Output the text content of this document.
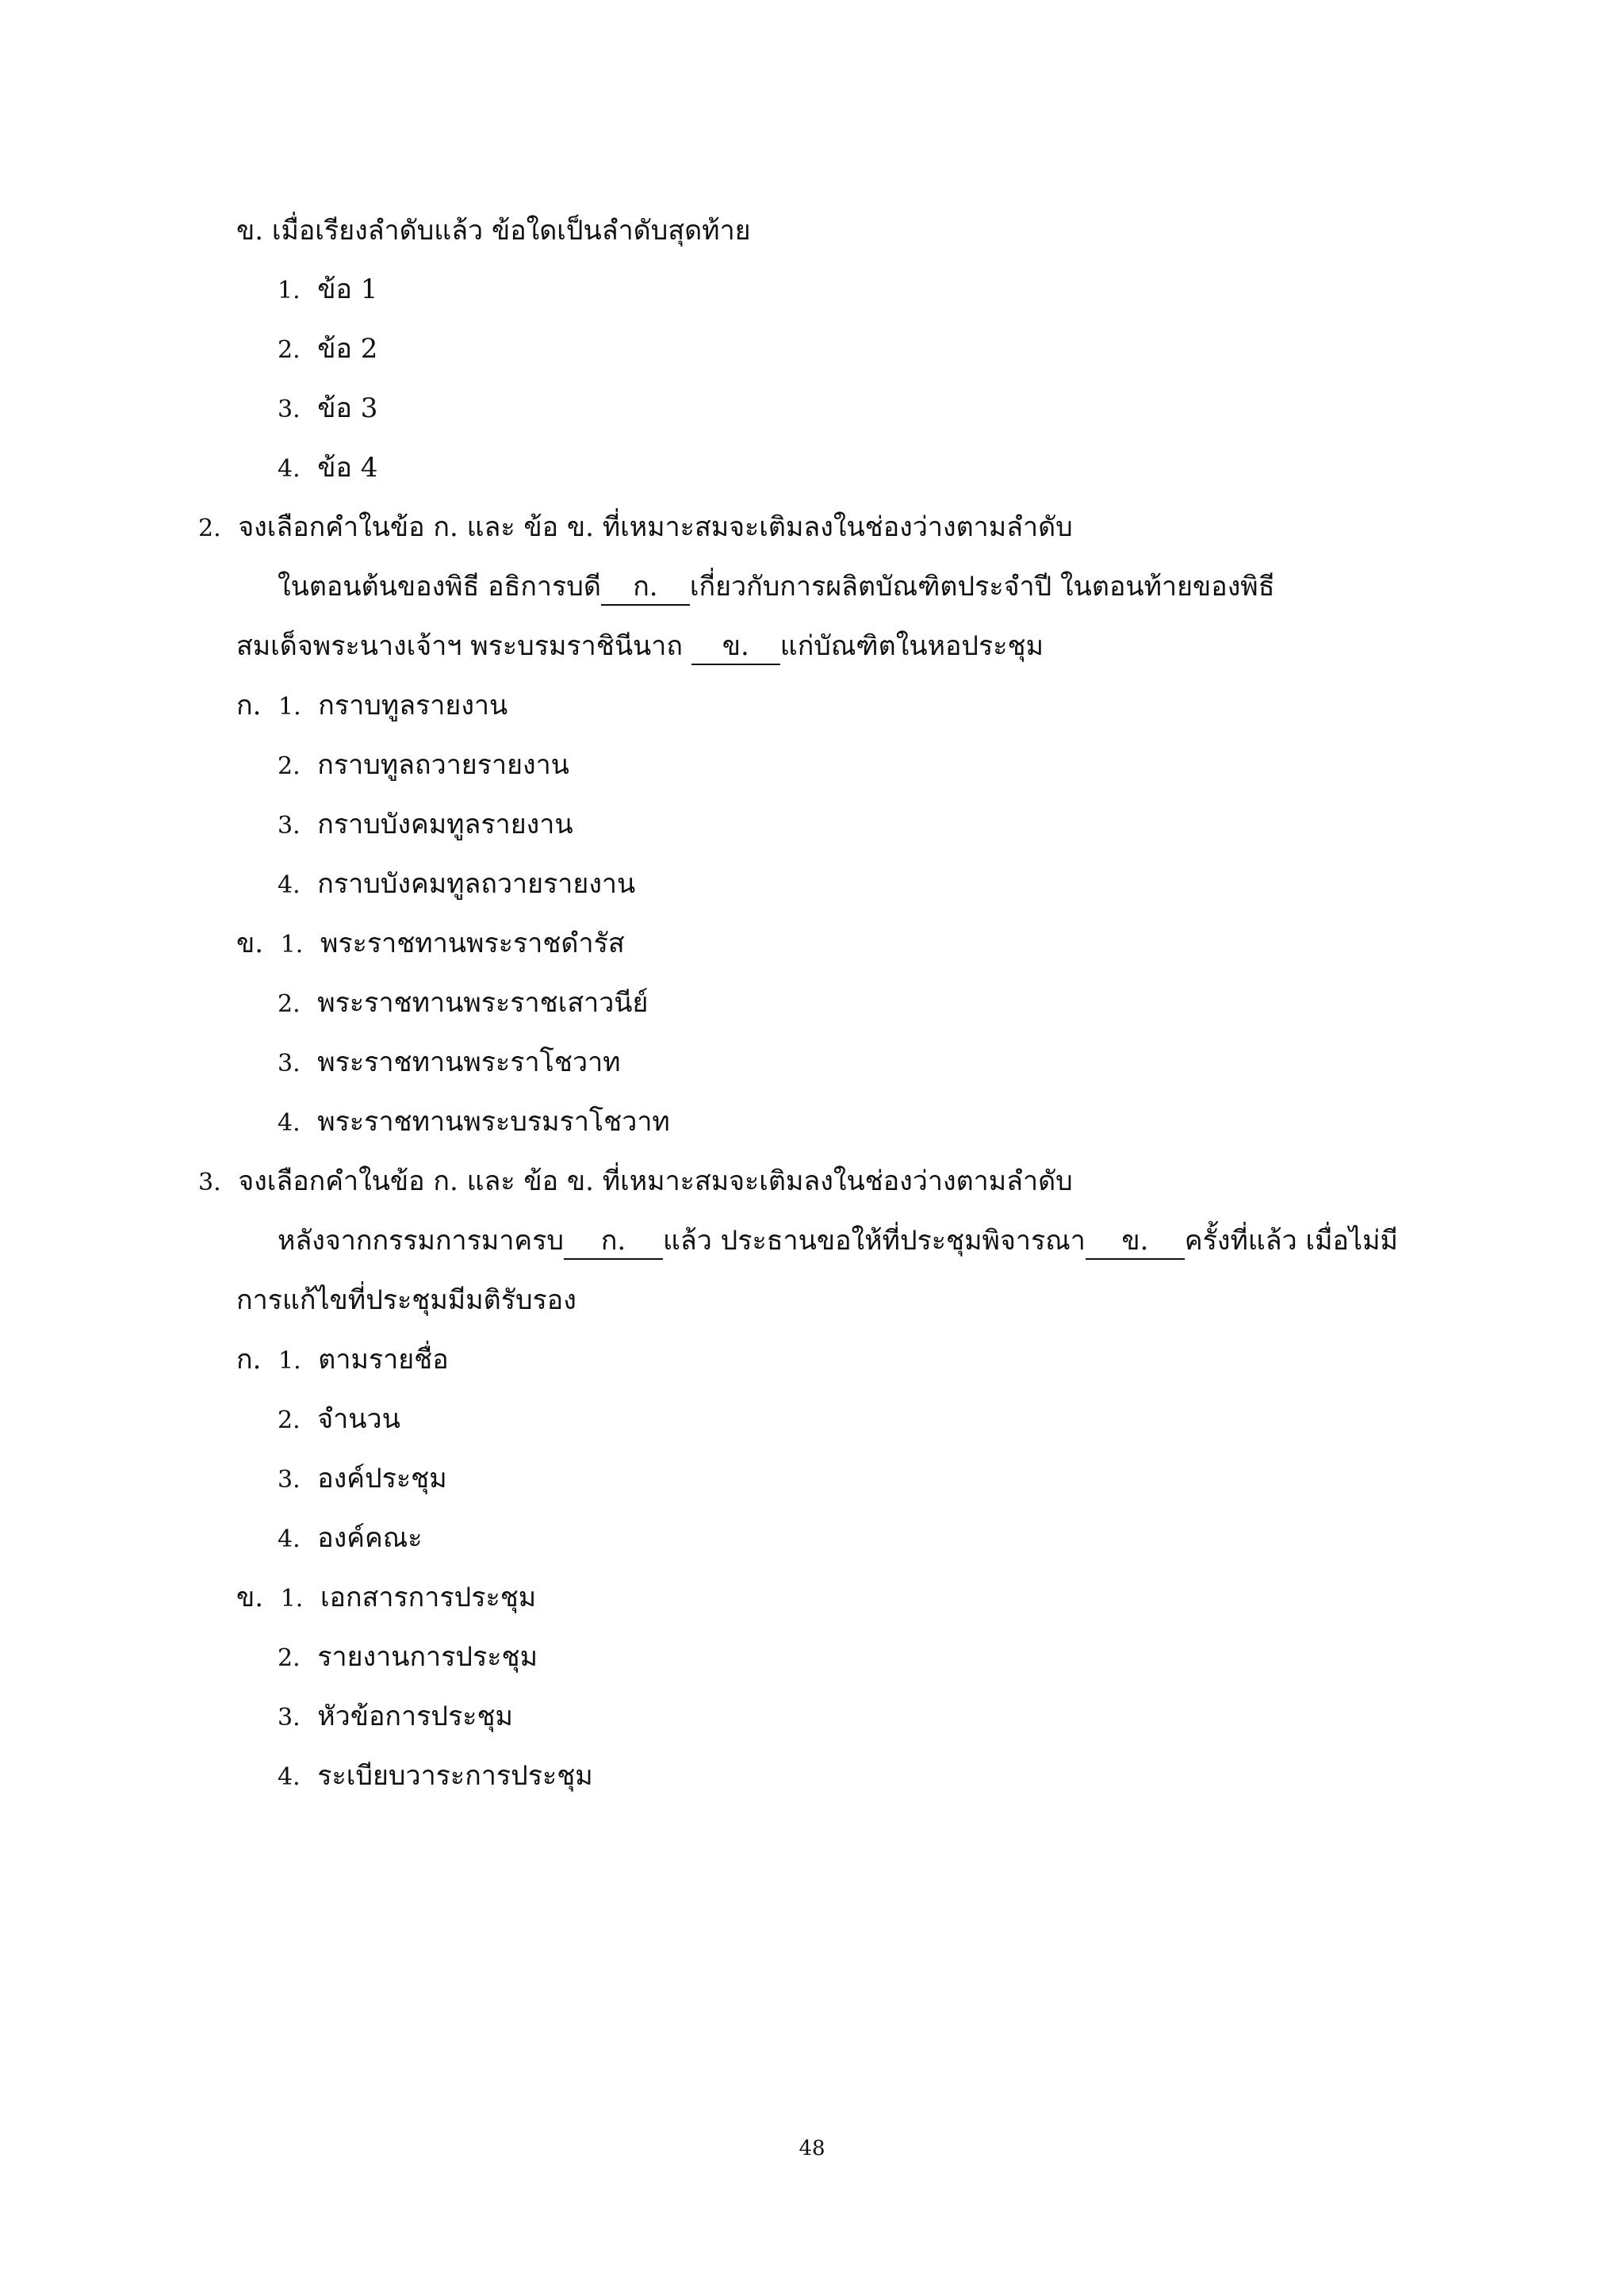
ข. เมื่อเรียงลำดับแล้ว ข้อใดเป็นลำดับสุดท้าย
1. ข้อ 1
2. ข้อ 2
3. ข้อ 3
4. ข้อ 4
2. จงเลือกคำในข้อ ก. และ ข้อ ข. ที่เหมาะสมจะเติมลงในช่องว่างตามลำดับ
ในตอนต้นของพิธี อธิการบดี ก. เกี่ยวกับการผลิตบัณฑิตประจำปี ในตอนท้ายของพิธี
สมเด็จพระนางเจ้าฯ พระบรมราชินีนาถ ข. แก่บัณฑิตในหอประชุม
ก. 1. กราบทูลรายงาน
2. กราบทูลถวายรายงาน
3. กราบบังคมทูลรายงาน
4. กราบบังคมทูลถวายรายงาน
ข. 1. พระราชทานพระราชดำรัส
2. พระราชทานพระราชเสาวนีย์
3. พระราชทานพระราโชวาท
4. พระราชทานพระบรมราโชวาท
3. จงเลือกคำในข้อ ก. และ ข้อ ข. ที่เหมาะสมจะเติมลงในช่องว่างตามลำดับ
หลังจากกรรมการมาครบ ก. แล้ว ประธานขอให้ที่ประชุมพิจารณา ข. ครั้งที่แล้ว เมื่อไม่มี
การแก้ไขที่ประชุมมีมติรับรอง
ก. 1. ตามรายชื่อ
2. จำนวน
3. องค์ประชุม
4. องค์คณะ
ข. 1. เอกสารการประชุม
2. รายงานการประชุม
3. หัวข้อการประชุม
4. ระเบียบวาระการประชุม
48
